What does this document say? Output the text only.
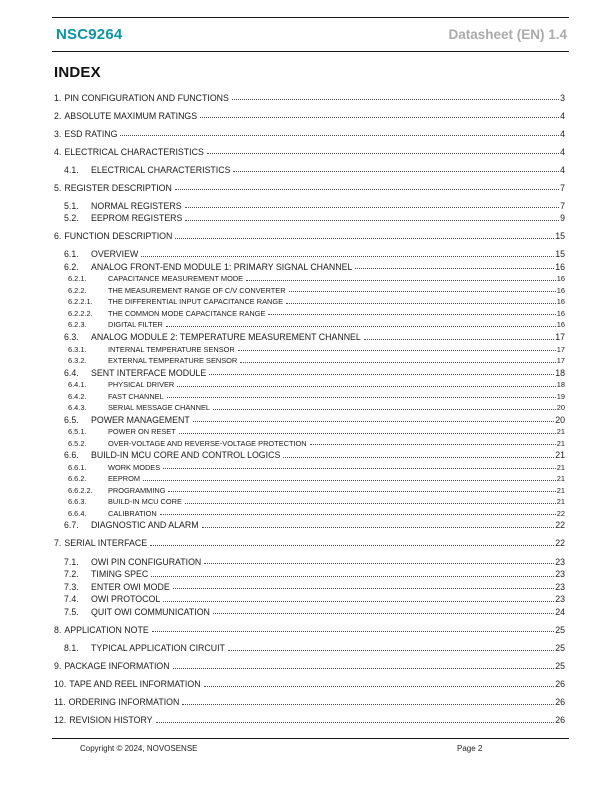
NSC9264	Datasheet (EN) 1.4
INDEX
1. PIN CONFIGURATION AND FUNCTIONS	3
2. ABSOLUTE MAXIMUM RATINGS	4
3. ESD RATING	4
4. ELECTRICAL CHARACTERISTICS	4
4.1.	ELECTRICAL CHARACTERISTICS	4
5. REGISTER DESCRIPTION	7
5.1.	NORMAL REGISTERS	7
5.2.	EEPROM REGISTERS	9
6. FUNCTION DESCRIPTION	15
6.1.	OVERVIEW	15
6.2.	ANALOG FRONT-END MODULE 1: PRIMARY SIGNAL CHANNEL	16
6.2.1.	CAPACITANCE MEASUREMENT MODE	16
6.2.2.	THE MEASUREMENT RANGE OF C/V CONVERTER	16
6.2.2.1.	THE DIFFERENTIAL INPUT CAPACITANCE RANGE	16
6.2.2.2.	THE COMMON MODE CAPACITANCE RANGE	16
6.2.3.	DIGITAL FILTER	16
6.3.	ANALOG MODULE 2: TEMPERATURE MEASUREMENT CHANNEL	17
6.3.1.	INTERNAL TEMPERATURE SENSOR	17
6.3.2.	EXTERNAL TEMPERATURE SENSOR	17
6.4.	SENT INTERFACE MODULE	18
6.4.1.	PHYSICAL DRIVER	18
6.4.2.	FAST CHANNEL	19
6.4.3.	SERIAL MESSAGE CHANNEL	20
6.5.	POWER MANAGEMENT	20
6.5.1.	POWER ON RESET	21
6.5.2.	OVER-VOLTAGE AND REVERSE-VOLTAGE PROTECTION	21
6.6.	BUILD-IN MCU CORE AND CONTROL LOGICS	21
6.6.1.	WORK MODES	21
6.6.2.	EEPROM	21
6.6.2.2.	PROGRAMMING	21
6.6.3.	BUILD-IN MCU CORE	21
6.6.4.	CALIBRATION	22
6.7.	DIAGNOSTIC AND ALARM	22
7. SERIAL INTERFACE	22
7.1.	OWI PIN CONFIGURATION	23
7.2.	TIMING SPEC	23
7.3.	ENTER OWI MODE	23
7.4.	OWI PROTOCOL	23
7.5.	QUIT OWI COMMUNICATION	24
8. APPLICATION NOTE	25
8.1.	TYPICAL APPLICATION CIRCUIT	25
9. PACKAGE INFORMATION	25
10. TAPE AND REEL INFORMATION	26
11. ORDERING INFORMATION	26
12. REVISION HISTORY	26
Copyright © 2024, NOVOSENSE	Page 2
